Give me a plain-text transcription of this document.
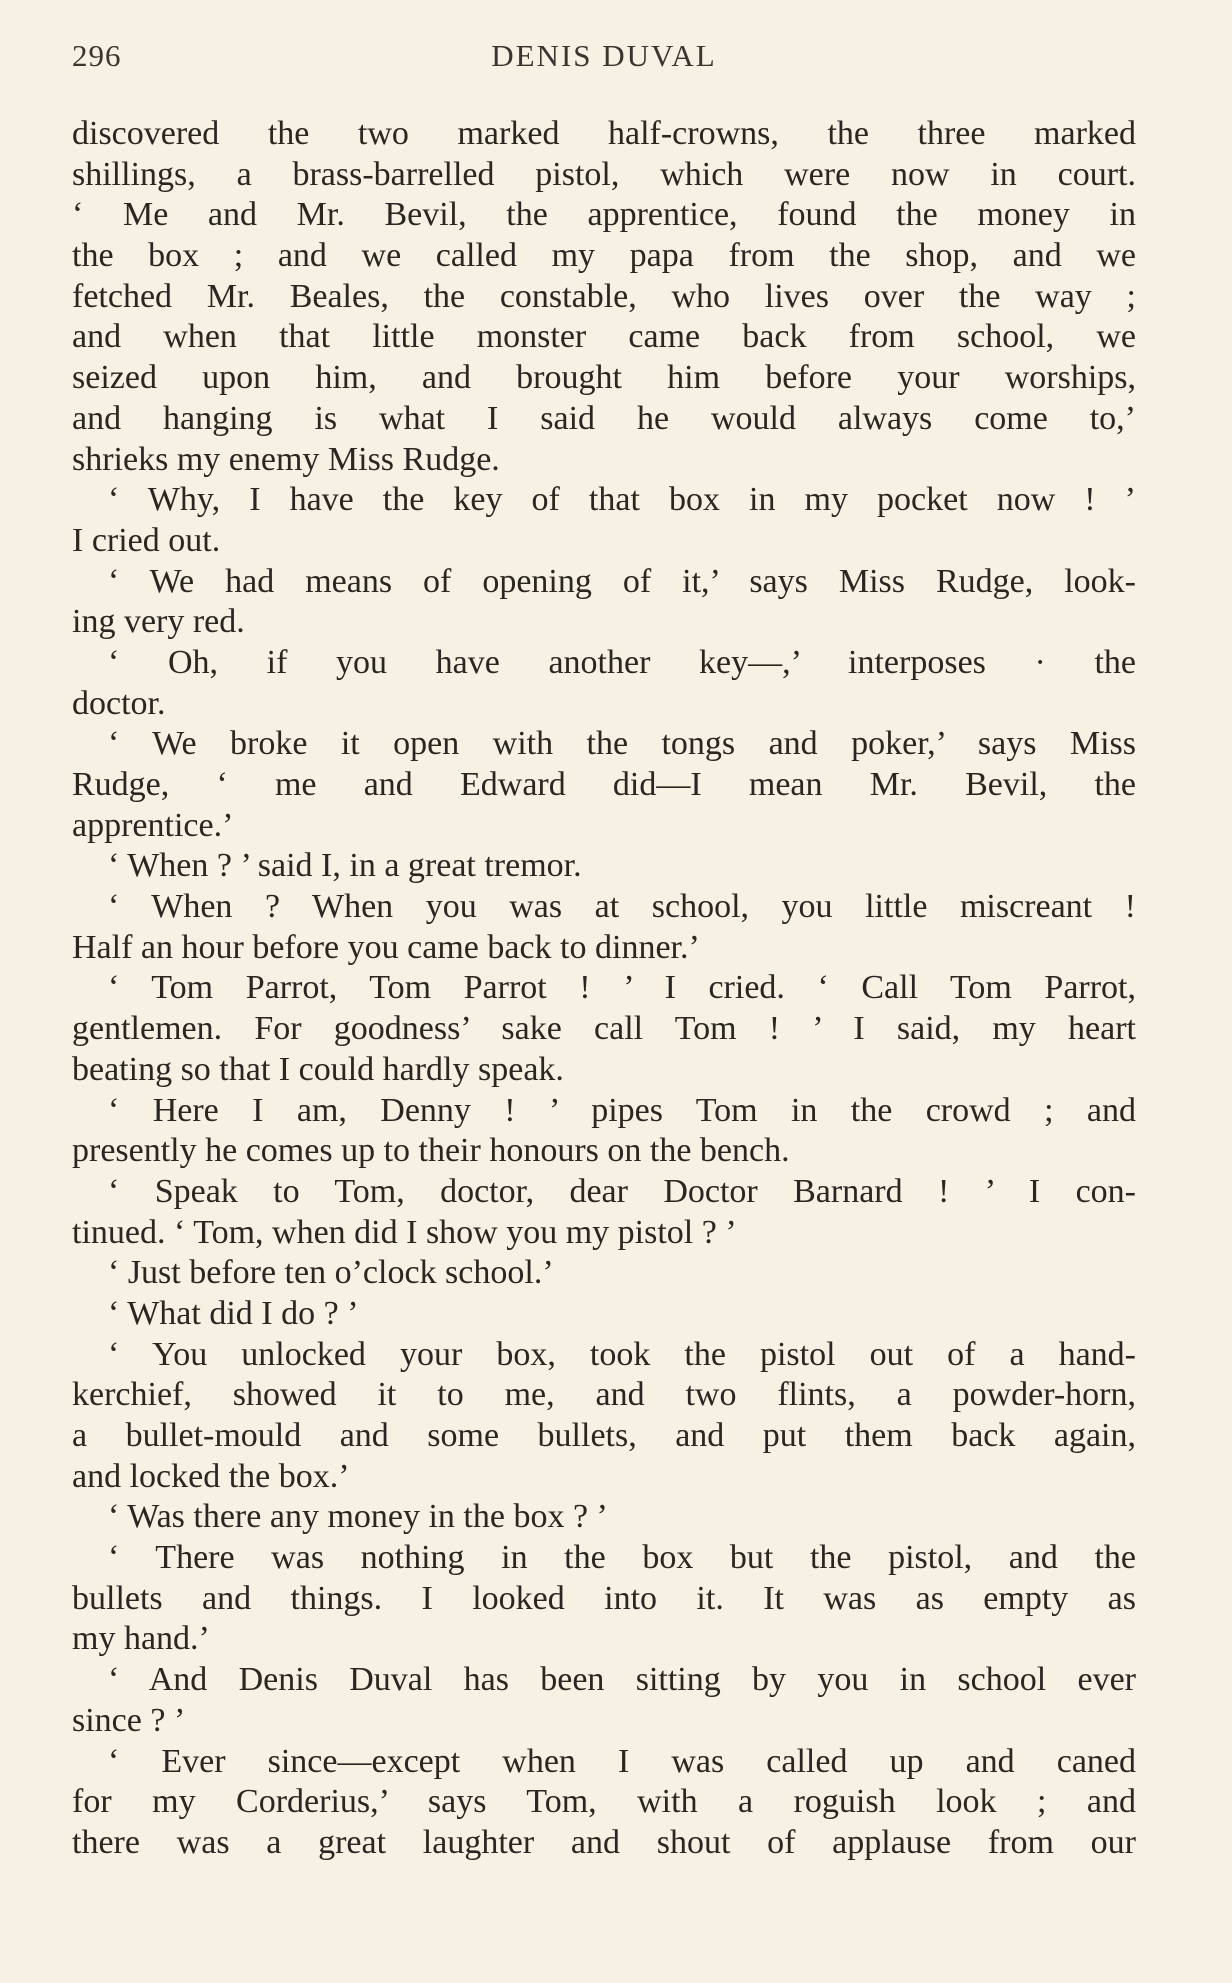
296	DENIS DUVAL
discovered the two marked half-crowns, the three marked
shillings, a brass-barrelled pistol, which were now in court.
‘ Me and Mr. Bevil, the apprentice, found the money in
the box ; and we called my papa from the shop, and we
fetched Mr. Beales, the constable, who lives over the way ;
and when that little monster came back from school, we
seized upon him, and brought him before your worships,
and hanging is what I said he would always come to,’
shrieks my enemy Miss Rudge.
‘ Why, I have the key of that box in my pocket now ! ’
I cried out.
‘ We had means of opening of it,’ says Miss Rudge, look-
ing very red.
‘ Oh, if you have another key—,’ interposes · the
doctor.
‘ We broke it open with the tongs and poker,’ says Miss
Rudge, ‘ me and Edward did—I mean Mr. Bevil, the
apprentice.’
‘ When ? ’ said I, in a great tremor.
‘ When ? When you was at school, you little miscreant !
Half an hour before you came back to dinner.’
‘ Tom Parrot, Tom Parrot ! ’ I cried. ‘ Call Tom Parrot,
gentlemen. For goodness’ sake call Tom ! ’ I said, my heart
beating so that I could hardly speak.
‘ Here I am, Denny ! ’ pipes Tom in the crowd ; and
presently he comes up to their honours on the bench.
‘ Speak to Tom, doctor, dear Doctor Barnard ! ’ I con-
tinued. ‘ Tom, when did I show you my pistol ? ’
‘ Just before ten o’clock school.’
‘ What did I do ? ’
‘ You unlocked your box, took the pistol out of a hand-
kerchief, showed it to me, and two flints, a powder-horn,
a bullet-mould and some bullets, and put them back again,
and locked the box.’
‘ Was there any money in the box ? ’
‘ There was nothing in the box but the pistol, and the
bullets and things. I looked into it. It was as empty as
my hand.’
‘ And Denis Duval has been sitting by you in school ever
since ? ’
‘ Ever since—except when I was called up and caned
for my Corderius,’ says Tom, with a roguish look ; and
there was a great laughter and shout of applause from our
